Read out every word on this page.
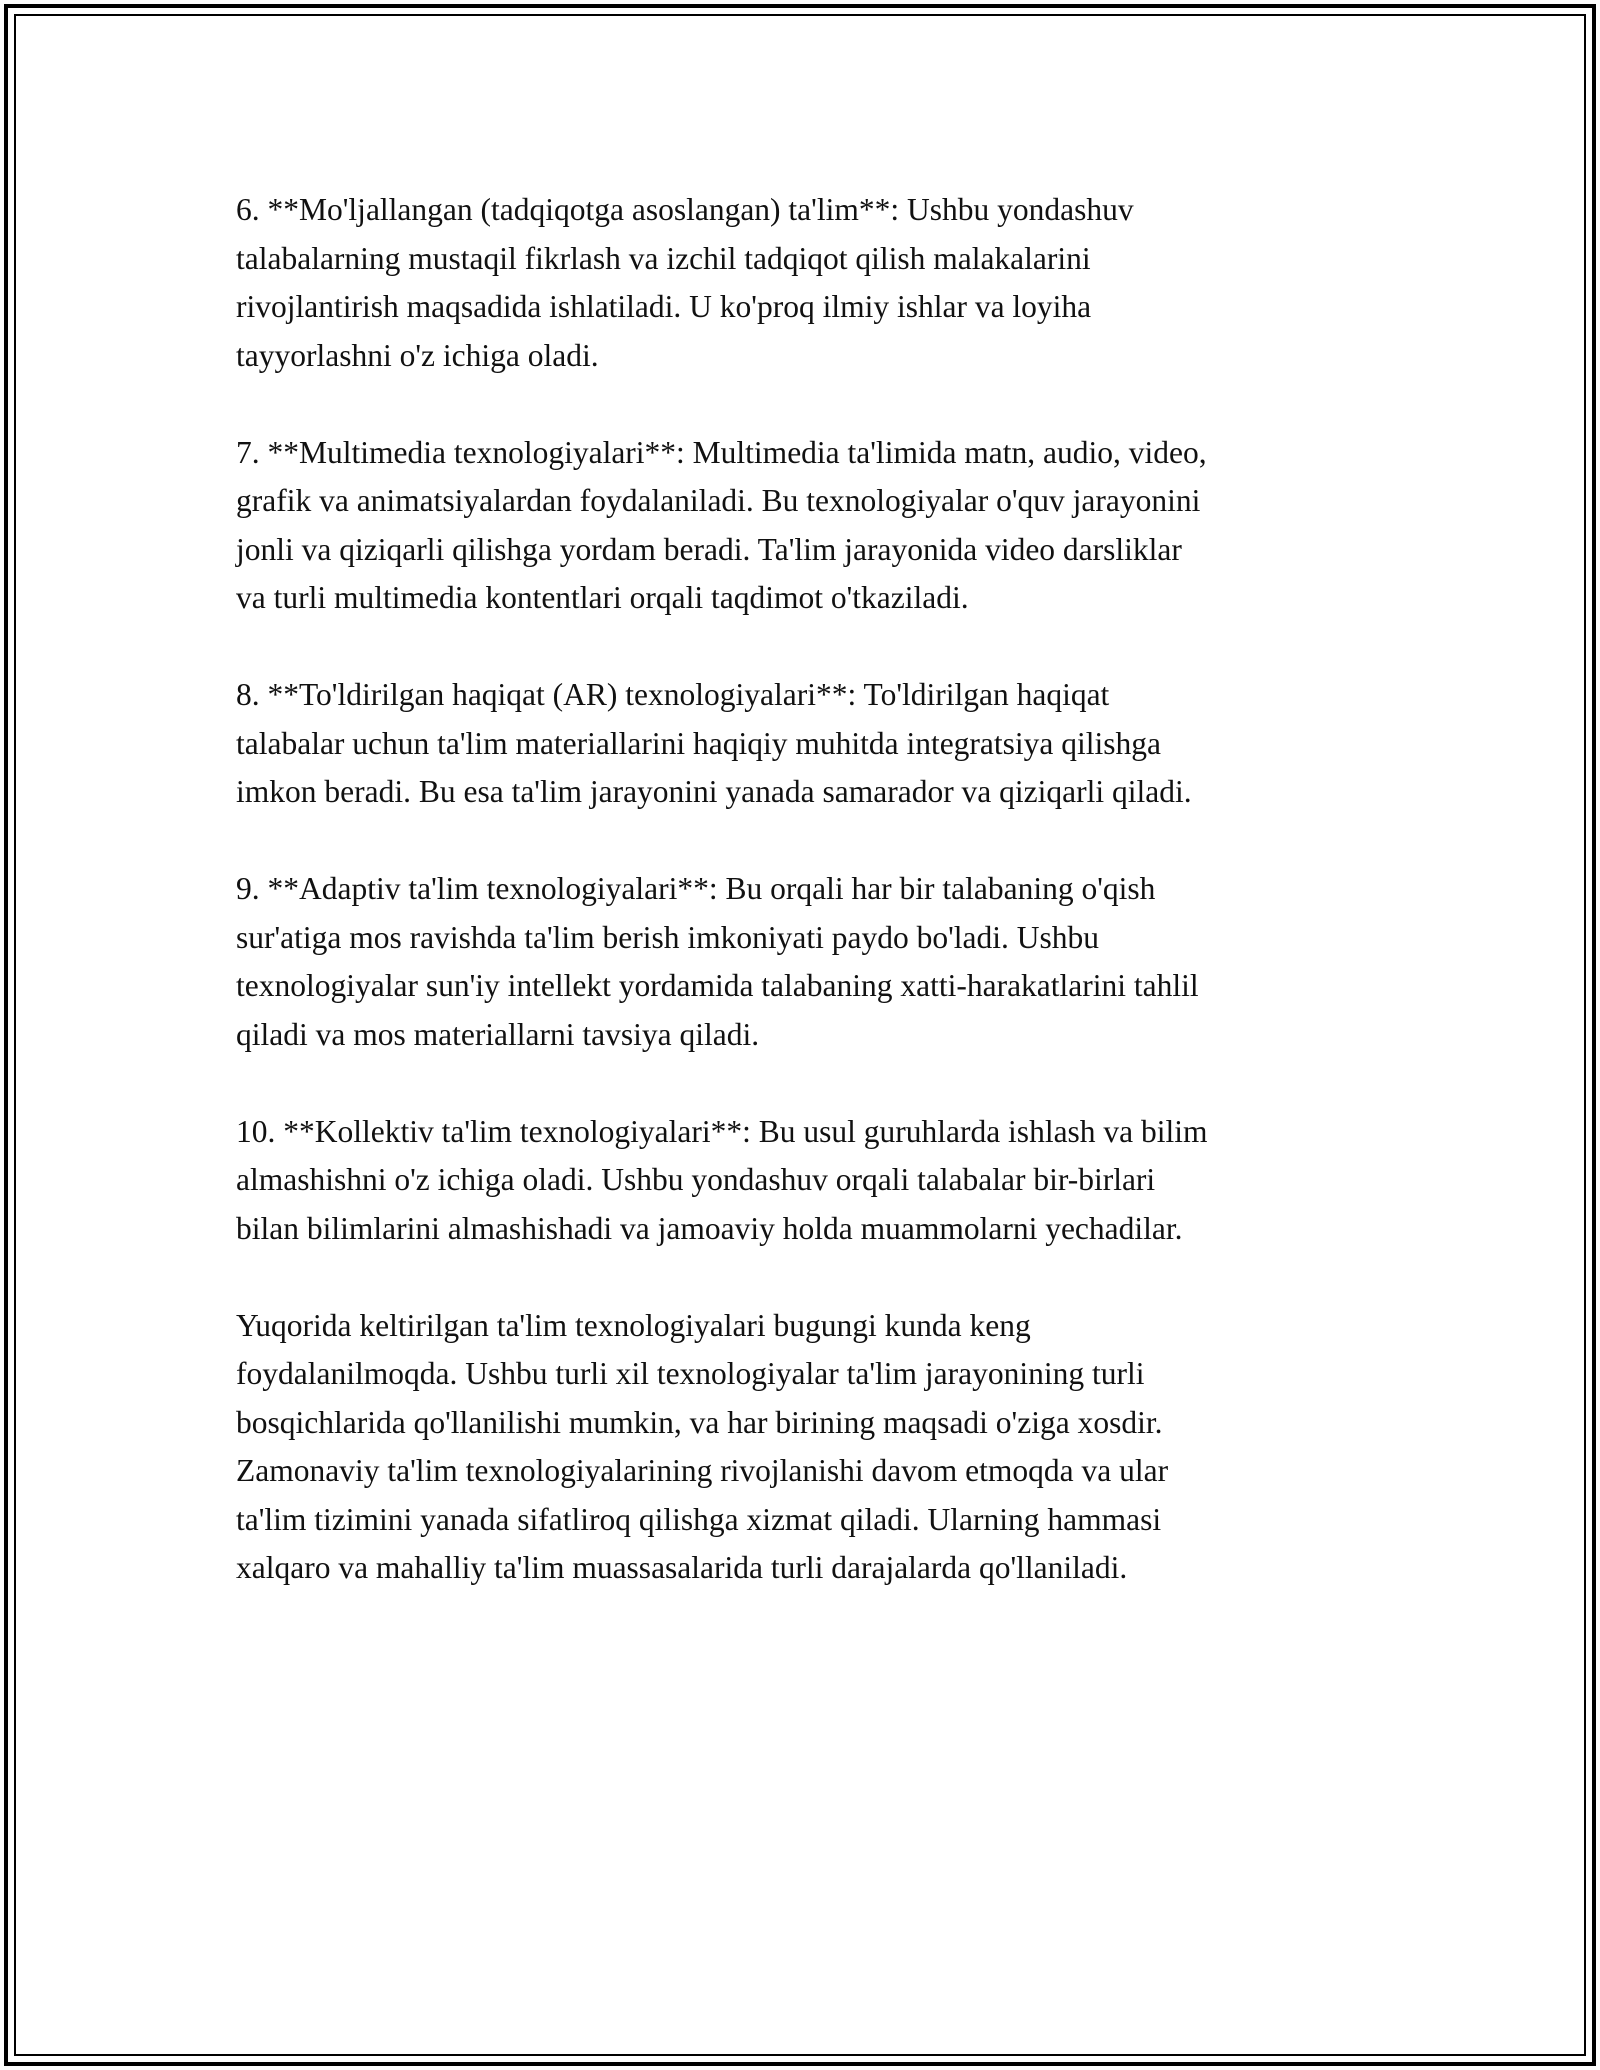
6. **Mo'ljallangan (tadqiqotga asoslangan) ta'lim**: Ushbu yondashuv
talabalarning mustaqil fikrlash va izchil tadqiqot qilish malakalarini
rivojlantirish maqsadida ishlatiladi. U ko'proq ilmiy ishlar va loyiha
tayyorlashni o'z ichiga oladi.

7. **Multimedia texnologiyalari**: Multimedia ta'limida matn, audio, video,
grafik va animatsiyalardan foydalaniladi. Bu texnologiyalar o'quv jarayonini
jonli va qiziqarli qilishga yordam beradi. Ta'lim jarayonida video darsliklar
va turli multimedia kontentlari orqali taqdimot o'tkaziladi.

8. **To'ldirilgan haqiqat (AR) texnologiyalari**: To'ldirilgan haqiqat
talabalar uchun ta'lim materiallarini haqiqiy muhitda integratsiya qilishga
imkon beradi. Bu esa ta'lim jarayonini yanada samarador va qiziqarli qiladi.

9. **Adaptiv ta'lim texnologiyalari**: Bu orqali har bir talabaning o'qish
sur'atiga mos ravishda ta'lim berish imkoniyati paydo bo'ladi. Ushbu
texnologiyalar sun'iy intellekt yordamida talabaning xatti-harakatlarini tahlil
qiladi va mos materiallarni tavsiya qiladi.

10. **Kollektiv ta'lim texnologiyalari**: Bu usul guruhlarda ishlash va bilim
almashishni o'z ichiga oladi. Ushbu yondashuv orqali talabalar bir-birlari
bilan bilimlarini almashishadi va jamoaviy holda muammolarni yechadilar.

Yuqorida keltirilgan ta'lim texnologiyalari bugungi kunda keng
foydalanilmoqda. Ushbu turli xil texnologiyalar ta'lim jarayonining turli
bosqichlarida qo'llanilishi mumkin, va har birining maqsadi o'ziga xosdir.
Zamonaviy ta'lim texnologiyalarining rivojlanishi davom etmoqda va ular
ta'lim tizimini yanada sifatliroq qilishga xizmat qiladi. Ularning hammasi
xalqaro va mahalliy ta'lim muassasalarida turli darajalarda qo'llaniladi.
